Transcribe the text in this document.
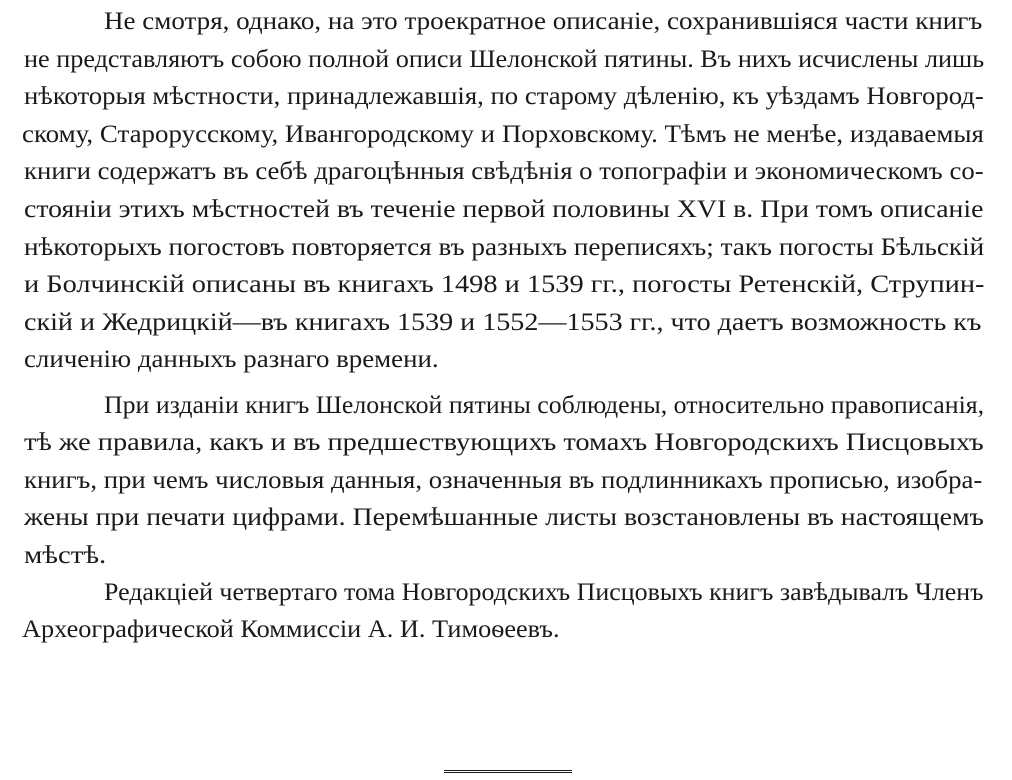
Не смотря, однако, на это троекратное описанiе, сохранившiяся части книгъ
не представляютъ собою полной описи Шелонской пятины. Въ нихъ исчислены лишь
нѣкоторыя мѣстности, принадлежавшiя, по старому дѣленiю, къ уѣздамъ Новгород-
скому, Старорусскому, Ивангородскому и Порховскому. Тѣмъ не менѣе, издаваемыя
книги содержатъ въ себѣ драгоцѣнныя свѣдѣнiя о топографiи и экономическомъ со-
стоянiи этихъ мѣстностей въ теченiе первой половины XVI в. При томъ описанiе
нѣкоторыхъ погостовъ повторяется въ разныхъ переписяхъ; такъ погосты Бѣльскiй
и Болчинскiй описаны въ книгахъ 1498 и 1539 гг., погосты Ретенскiй, Струпин-
скiй и Жедрицкiй—въ книгахъ 1539 и 1552—1553 гг., что даетъ возможность къ
сличенiю данныхъ разнаго времени.
При изданiи книгъ Шелонской пятины соблюдены, относительно правописанiя,
тѣ же правила, какъ и въ предшествующихъ томахъ Новгородскихъ Писцовыхъ
книгъ, при чемъ числовыя данныя, означенныя въ подлинникахъ прописью, изобра-
жены при печати цифрами. Перемѣшанные листы возстановлены въ настоящемъ
мѣстѣ.
Редакцiей четвертаго тома Новгородскихъ Писцовыхъ книгъ завѣдывалъ Членъ
Археографической Коммиссiи А. И. Тимоѳеевъ.
